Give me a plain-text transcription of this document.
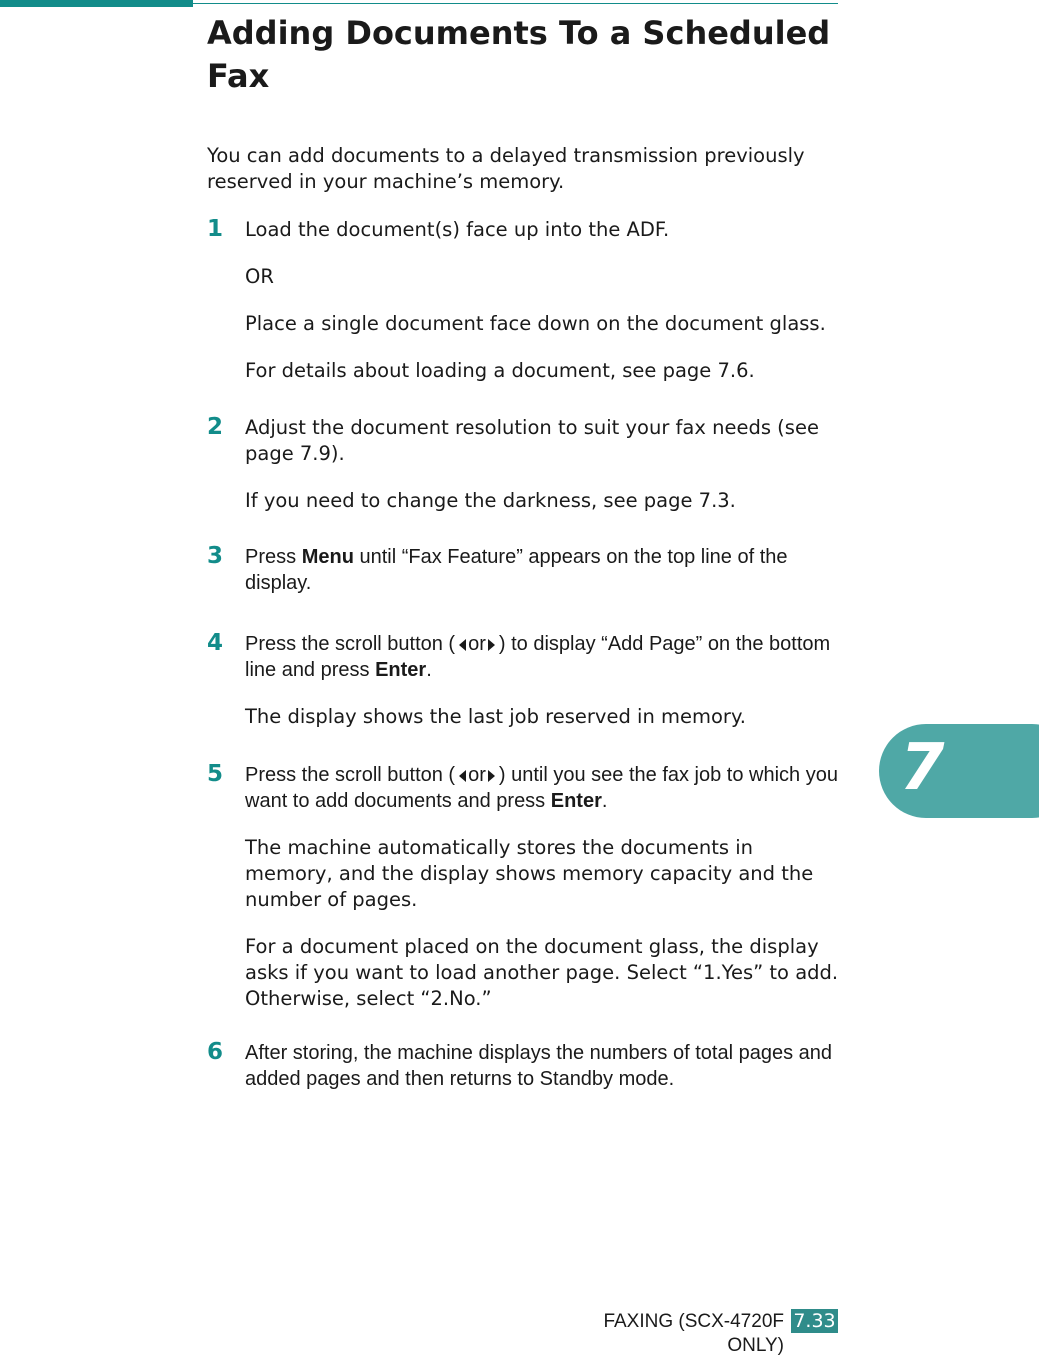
Adding Documents To a Scheduled Fax

You can add documents to a delayed transmission previously reserved in your machine’s memory.

1	Load the document(s) face up into the ADF.

OR

Place a single document face down on the document glass.

For details about loading a document, see page 7.6.

2	Adjust the document resolution to suit your fax needs (see page 7.9).

If you need to change the darkness, see page 7.3.

3	Press Menu until “Fax Feature” appears on the top line of the display.

4	Press the scroll button ( or ) to display “Add Page” on the bottom line and press Enter.

The display shows the last job reserved in memory.

5	Press the scroll button ( or ) until you see the fax job to which you want to add documents and press Enter.

The machine automatically stores the documents in memory, and the display shows memory capacity and the number of pages.

For a document placed on the document glass, the display asks if you want to load another page. Select “1.Yes” to add. Otherwise, select “2.No.”

6	After storing, the machine displays the numbers of total pages and added pages and then returns to Standby mode.

7
FAXING (SCX-4720F ONLY)
7.33
